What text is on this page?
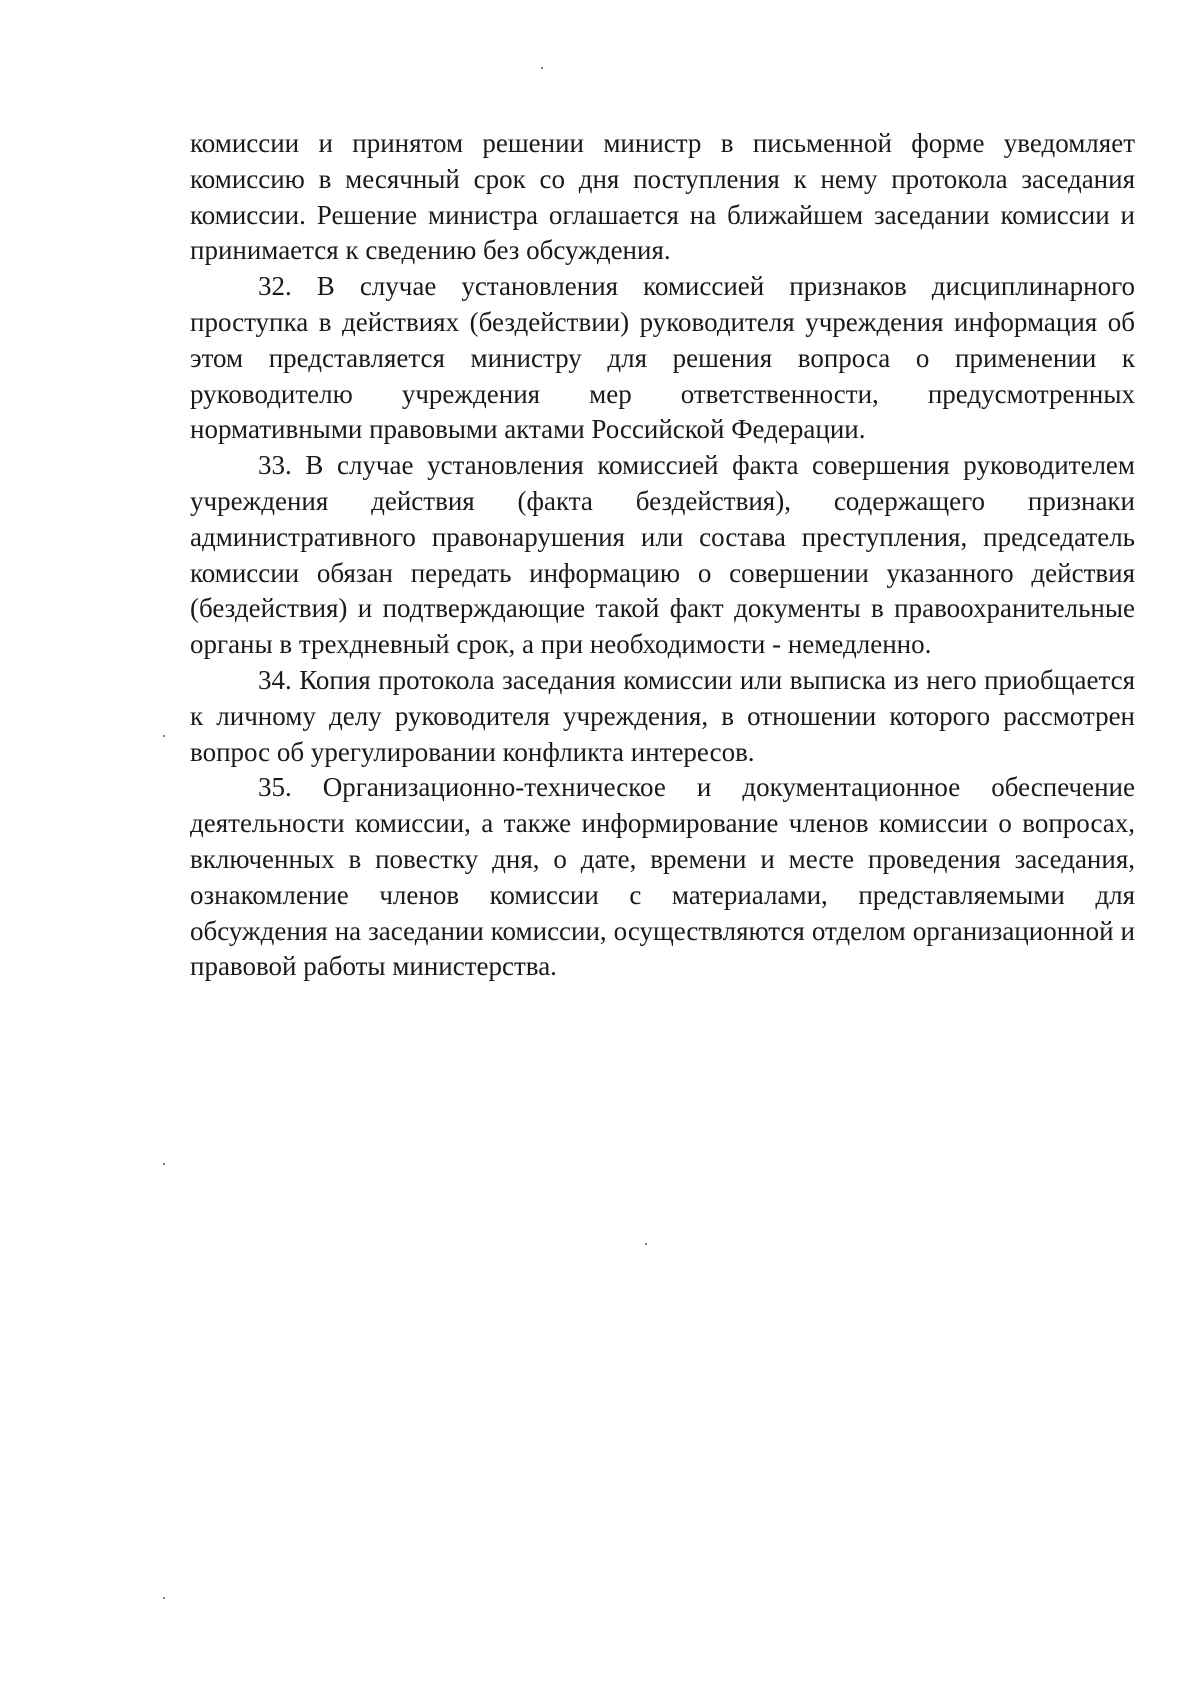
комиссии и принятом решении министр в письменной форме уведомляет комиссию в месячный срок со дня поступления к нему протокола заседания комиссии. Решение министра оглашается на ближайшем заседании комиссии и принимается к сведению без обсуждения.

32. В случае установления комиссией признаков дисциплинарного проступка в действиях (бездействии) руководителя учреждения информация об этом представляется министру для решения вопроса о применении к руководителю учреждения мер ответственности, предусмотренных нормативными правовыми актами Российской Федерации.

33. В случае установления комиссией факта совершения руководителем учреждения действия (факта бездействия), содержащего признаки административного правонарушения или состава преступления, председатель комиссии обязан передать информацию о совершении указанного действия (бездействия) и подтверждающие такой факт документы в правоохранительные органы в трехдневный срок, а при необходимости - немедленно.

34. Копия протокола заседания комиссии или выписка из него приобщается к личному делу руководителя учреждения, в отношении которого рассмотрен вопрос об урегулировании конфликта интересов.

35. Организационно-техническое и документационное обеспечение деятельности комиссии, а также информирование членов комиссии о вопросах, включенных в повестку дня, о дате, времени и месте проведения заседания, ознакомление членов комиссии с материалами, представляемыми для обсуждения на заседании комиссии, осуществляются отделом организационной и правовой работы министерства.
